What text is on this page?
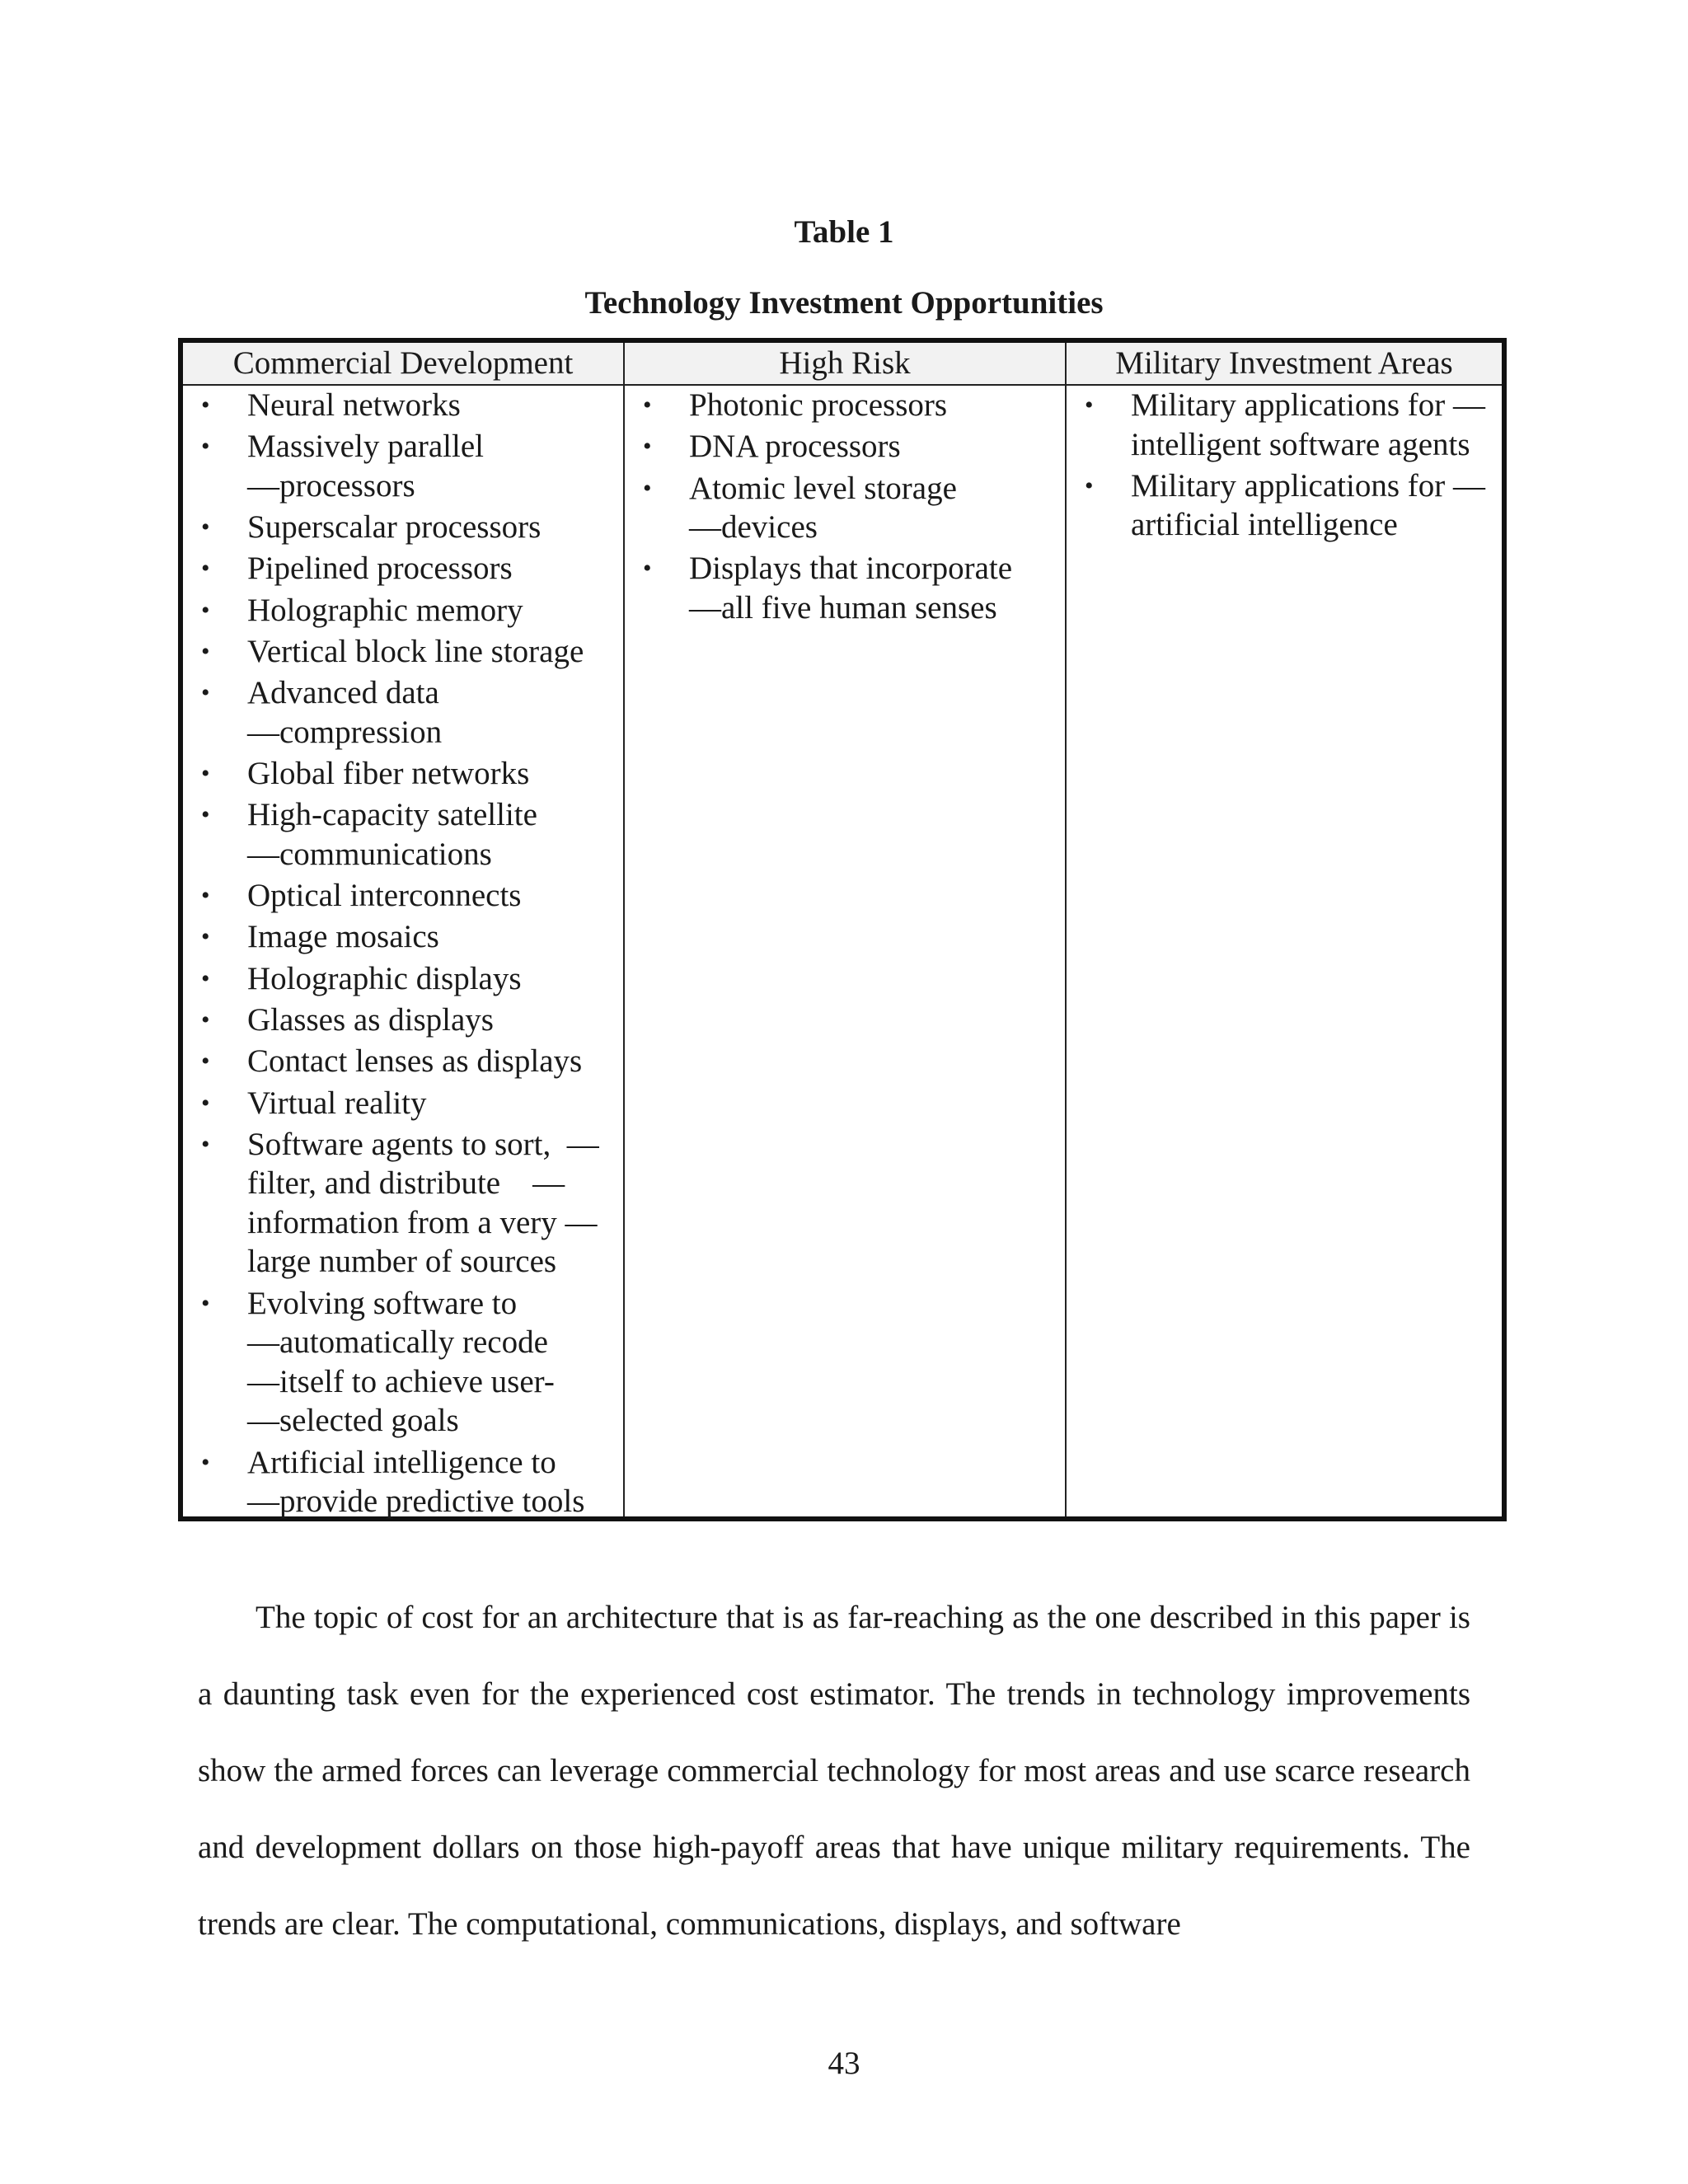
Table 1
Technology Investment Opportunities
Commercial Development
• Neural networks
• Massively parallel
—processors
• Superscalar processors
• Pipelined processors
• Holographic memory
• Vertical block line storage
• Advanced data
—compression
• Global fiber networks
• High-capacity satellite
—communications
• Optical interconnects
• Image mosaics
• Holographic displays
• Glasses as displays
• Contact lenses as displays
• Virtual reality
• Software agents to sort,  —
filter, and distribute    —
information from a very —
large number of sources
• Evolving software to
—automatically recode
—itself to achieve user-
—selected goals
• Artificial intelligence to
—provide predictive tools
High Risk
• Photonic processors
• DNA processors
• Atomic level storage
—devices
• Displays that incorporate
—all five human senses
Military Investment Areas
• Military applications for —
intelligent software agents
• Military applications for —
artificial intelligence

The topic of cost for an architecture that is as far-reaching as the one described in this paper is a daunting task even for the experienced cost estimator. The trends in technology improvements show the armed forces can leverage commercial technology for most areas and use scarce research and development dollars on those high-payoff areas that have unique military requirements. The trends are clear. The computational, communications, displays, and software

43
